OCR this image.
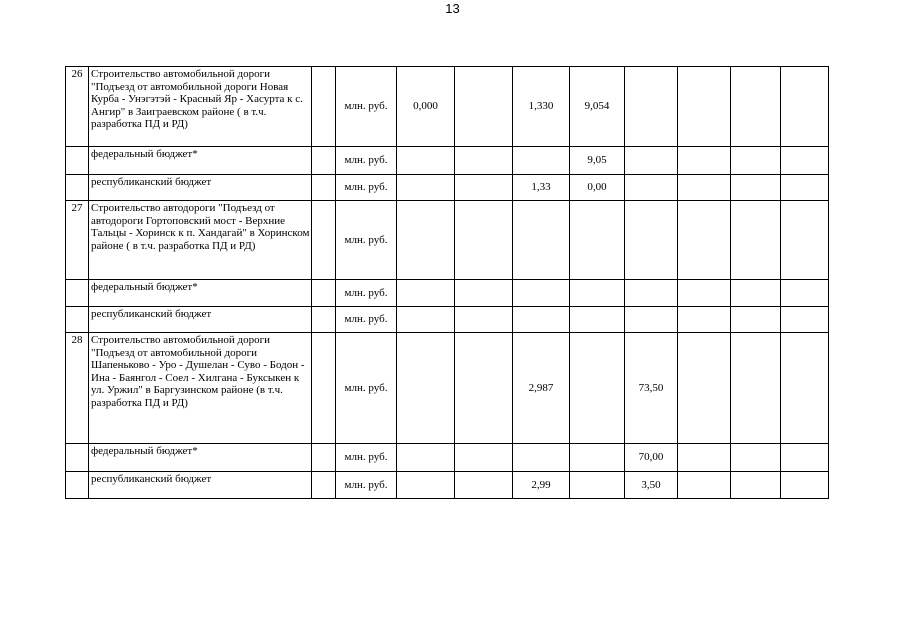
13
26	Строительство автомобильной дороги "Подъезд от автомобильной дороги Новая Курба - Унэгэтэй - Красный Яр - Хасурта к с. Ангир" в Заиграевском районе ( в т.ч. разработка ПД и РД)		млн. руб.	0,000		1,330	9,054				
	федеральный бюджет*		млн. руб.				9,05				
	республиканский бюджет		млн. руб.			1,33	0,00				
27	Строительство автодороги "Подъезд от автодороги Гортоповский мост - Верхние Тальцы - Хоринск к п. Хандагай" в Хоринском районе ( в т.ч. разработка ПД и РД)		млн. руб.								
	федеральный бюджет*		млн. руб.								
	республиканский бюджет		млн. руб.								
28	Строительство автомобильной дороги "Подъезд от автомобильной дороги Шапеньково - Уро - Душелан - Суво - Бодон - Ина - Баянгол - Соел - Хилгана - Буксыкен к ул. Уржил" в Баргузинском районе (в т.ч. разработка ПД и РД)		млн. руб.			2,987		73,50			
	федеральный бюджет*		млн. руб.					70,00			
	республиканский бюджет		млн. руб.			2,99		3,50			
